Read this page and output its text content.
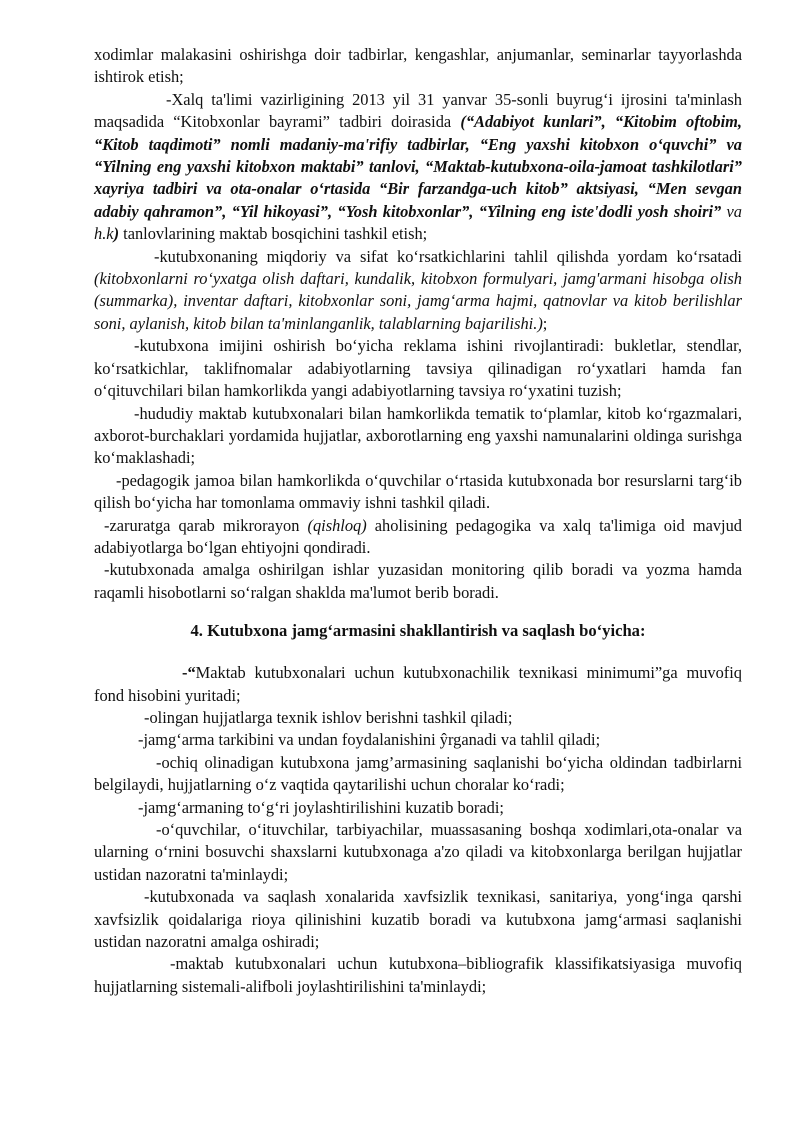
xodimlar malakasini oshirishga doir tadbirlar, kengashlar, anjumanlar, seminarlar tayyorlashda ishtirok etish;

-Xalq ta'limi vazirligining 2013 yil 31 yanvar 35-sonli buyrug‘i ijrosini ta'minlash maqsadida “Kitobxonlar bayrami” tadbiri doirasida (“Adabiyot kunlari”, “Kitobim oftobim, “Kitob taqdimoti” nomli madaniy-ma'rifiy tadbirlar, “Eng yaxshi kitobxon o‘quvchi” va “Yilning eng yaxshi kitobxon maktabi” tanlovi, “Maktab-kutubxona-oila-jamoat tashkilotlari” xayriya tadbiri va ota-onalar o‘rtasida “Bir farzandga-uch kitob” aktsiyasi, “Men sevgan adabiy qahramon”, “Yil hikoyasi”, “Yosh kitobxonlar”, “Yilning eng iste'dodli yosh shoiri” va h.k) tanlovlarining maktab bosqichini tashkil etish;

-kutubxonaning miqdoriy va sifat ko‘rsatkichlarini tahlil qilishda yordam ko‘rsatadi (kitobxonlarni ro‘yxatga olish daftari, kundalik, kitobxon formulyari, jamg'armani hisobga olish (summarka), inventar daftari, kitobxonlar soni, jamg‘arma hajmi, qatnovlar va kitob berilishlar soni, aylanish, kitob bilan ta'minlanganlik, talablarning bajarilishi.);

-kutubxona imijini oshirish bo‘yicha reklama ishini rivojlantiradi: bukletlar, stendlar, ko‘rsatkichlar, taklifnomalar adabiyotlarning tavsiya qilinadigan ro‘yxatlari hamda fan o‘qituvchilari bilan hamkorlikda yangi adabiyotlarning tavsiya ro‘yxatini tuzish;

-hududiy maktab kutubxonalari bilan hamkorlikda tematik to‘plamlar, kitob ko‘rgazmalari, axborot-burchaklari yordamida hujjatlar, axborotlarning eng yaxshi namunalarini oldinga surishga ko‘maklashadi;

-pedagogik jamoa bilan hamkorlikda o‘quvchilar o‘rtasida kutubxonada bor resurslarni targ‘ib qilish bo‘yicha har tomonlama ommaviy ishni tashkil qiladi.

-zaruratga qarab mikrorayon (qishloq) aholisining pedagogika va xalq ta'limiga oid mavjud adabiyotlarga bo‘lgan ehtiyojni qondiradi.

-kutubxonada amalga oshirilgan ishlar yuzasidan monitoring qilib boradi va yozma hamda raqamli hisobotlarni so‘ralgan shaklda ma'lumot berib boradi.

4. Kutubxona jamg‘armasini shakllantirish va saqlash bo‘yicha:

-“Maktab kutubxonalari uchun kutubxonachilik texnikasi minimumi”ga muvofiq fond hisobini yuritadi;

-olingan hujjatlarga texnik ishlov berishni tashkil qiladi;

-jamg‘arma tarkibini va undan foydalanishini ŷrganadi va tahlil qiladi;

-ochiq olinadigan kutubxona jamg’armasining saqlanishi bo‘yicha oldindan tadbirlarni belgilaydi, hujjatlarning o‘z vaqtida qaytarilishi uchun choralar ko‘radi;

-jamg‘armaning to‘g‘ri joylashtirilishini kuzatib boradi;

-o‘quvchilar, o‘ituvchilar, tarbiyachilar, muassasaning boshqa xodimlari,ota-onalar va ularning o‘rnini bosuvchi shaxslarni kutubxonaga a'zo qiladi va kitobxonlarga berilgan hujjatlar ustidan nazoratni ta'minlaydi;

-kutubxonada va saqlash xonalarida xavfsizlik texnikasi, sanitariya, yong‘inga qarshi xavfsizlik qoidalariga rioya qilinishini kuzatib boradi va kutubxona jamg‘armasi saqlanishi ustidan nazoratni amalga oshiradi;

-maktab kutubxonalari uchun kutubxona–bibliografik klassifikatsiyasiga muvofiq hujjatlarning sistemali-alifboli joylashtirilishini ta'minlaydi;
